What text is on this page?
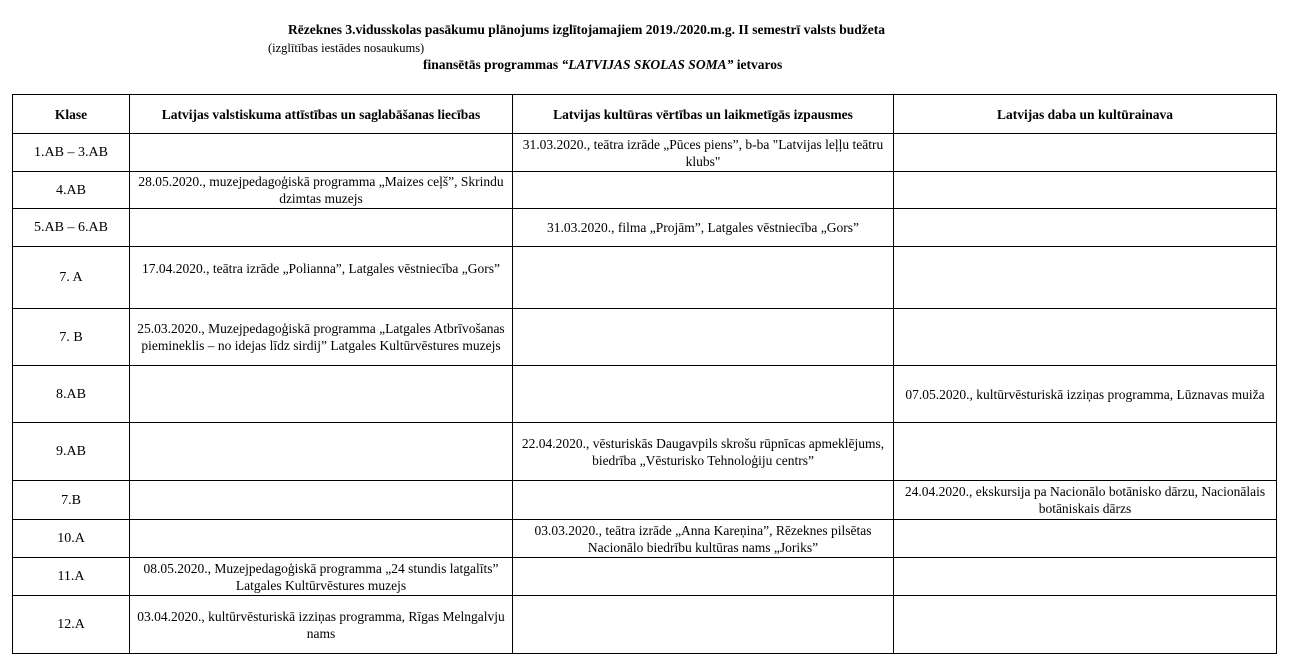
Rēzeknes 3.vidusskolas pasākumu plānojums izglītojamajiem 2019./2020.m.g. II semestrī valsts budžeta
(izglītības iestādes nosaukums)
finansētās programmas “LATVIJAS SKOLAS SOMA” ietvaros
Klase	Latvijas valstiskuma attīstības un saglabāšanas liecības	Latvijas kultūras vērtības un laikmetīgās izpausmes	Latvijas daba un kultūrainava
1.AB – 3.AB		31.03.2020., teātra izrāde „Pūces piens”, b-ba "Latvijas leļļu teātru klubs"	
4.AB	28.05.2020., muzejpedagoģiskā programma „Maizes ceļš”, Skrindu dzimtas muzejs		
5.AB – 6.AB		31.03.2020., filma „Projām”, Latgales vēstniecība „Gors”	
7. A	17.04.2020., teātra izrāde „Polianna”, Latgales vēstniecība „Gors”		
7. B	25.03.2020., Muzejpedagoģiskā programma „Latgales Atbrīvošanas piemineklis – no idejas līdz sirdij” Latgales Kultūrvēstures muzejs		
8.AB			07.05.2020., kultūrvēsturiskā izziņas programma, Lūznavas muiža
9.AB		22.04.2020., vēsturiskās Daugavpils skrošu rūpnīcas apmeklējums, biedrība „Vēsturisko Tehnoloģiju centrs”	
7.B			24.04.2020., ekskursija pa Nacionālo botānisko dārzu, Nacionālais botāniskais dārzs
10.A		03.03.2020., teātra izrāde „Anna Kareņina”, Rēzeknes pilsētas Nacionālo biedrību kultūras nams „Joriks”	
11.A	08.05.2020., Muzejpedagoģiskā programma „24 stundis latgalīts” Latgales Kultūrvēstures muzejs		
12.A	03.04.2020., kultūrvēsturiskā izziņas programma, Rīgas Melngalvju nams		
